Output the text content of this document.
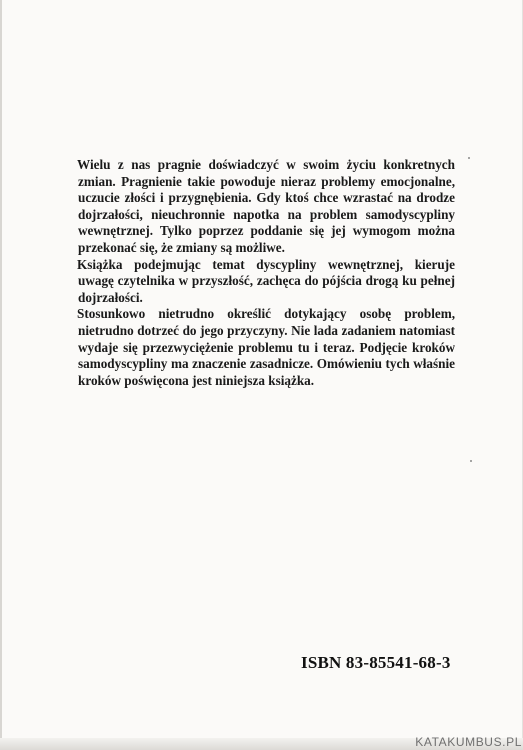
Wielu z nas pragnie doświadczyć w swoim życiu konkretnych
zmian. Pragnienie takie powoduje nieraz problemy emocjonalne,
uczucie złości i przygnębienia. Gdy ktoś chce wzrastać na drodze
dojrzałości, nieuchronnie napotka na problem samodyscypliny
wewnętrznej. Tylko poprzez poddanie się jej wymogom można
przekonać się, że zmiany są możliwe.

Książka podejmując temat dyscypliny wewnętrznej, kieruje
uwagę czytelnika w przyszłość, zachęca do pójścia drogą ku pełnej
dojrzałości.

Stosunkowo nietrudno określić dotykający osobę problem,
nietrudno dotrzeć do jego przyczyny. Nie lada zadaniem natomiast
wydaje się przezwyciężenie problemu tu i teraz. Podjęcie kroków
samodyscypliny ma znaczenie zasadnicze. Omówieniu tych właśnie
kroków poświęcona jest niniejsza książka.

ISBN 83-85541-68-3
KATAKUMBUS.PL
